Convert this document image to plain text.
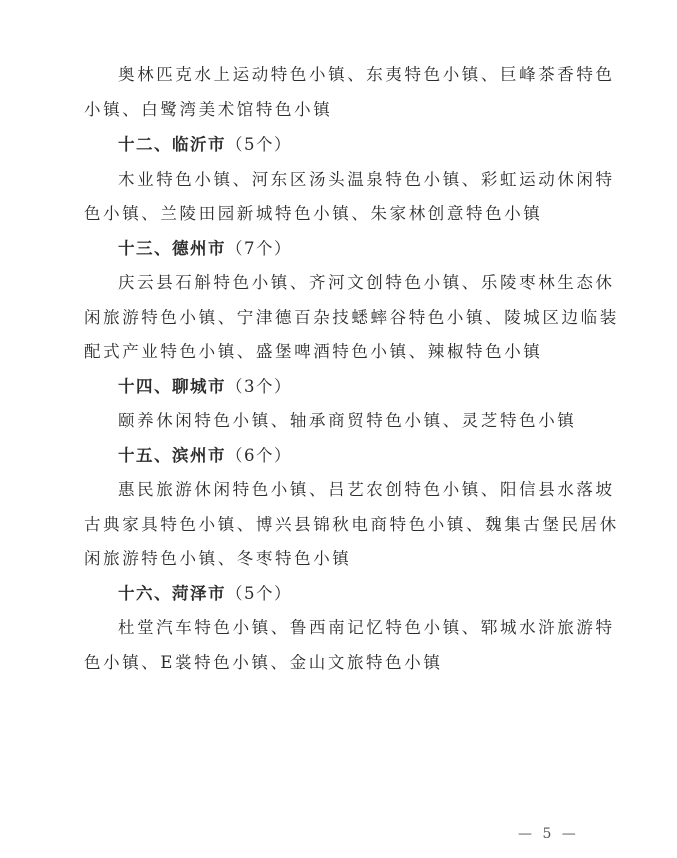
奥林匹克水上运动特色小镇、东夷特色小镇、巨峰茶香特色
小镇、白鹭湾美术馆特色小镇
十二、临沂市（5个）
木业特色小镇、河东区汤头温泉特色小镇、彩虹运动休闲特
色小镇、兰陵田园新城特色小镇、朱家林创意特色小镇
十三、德州市（7个）
庆云县石斛特色小镇、齐河文创特色小镇、乐陵枣林生态休
闲旅游特色小镇、宁津德百杂技蟋蟀谷特色小镇、陵城区边临装
配式产业特色小镇、盛堡啤酒特色小镇、辣椒特色小镇
十四、聊城市（3个）
颐养休闲特色小镇、轴承商贸特色小镇、灵芝特色小镇
十五、滨州市（6个）
惠民旅游休闲特色小镇、吕艺农创特色小镇、阳信县水落坡
古典家具特色小镇、博兴县锦秋电商特色小镇、魏集古堡民居休
闲旅游特色小镇、冬枣特色小镇
十六、菏泽市（5个）
杜堂汽车特色小镇、鲁西南记忆特色小镇、郓城水浒旅游特
色小镇、E裳特色小镇、金山文旅特色小镇
— 5 —
